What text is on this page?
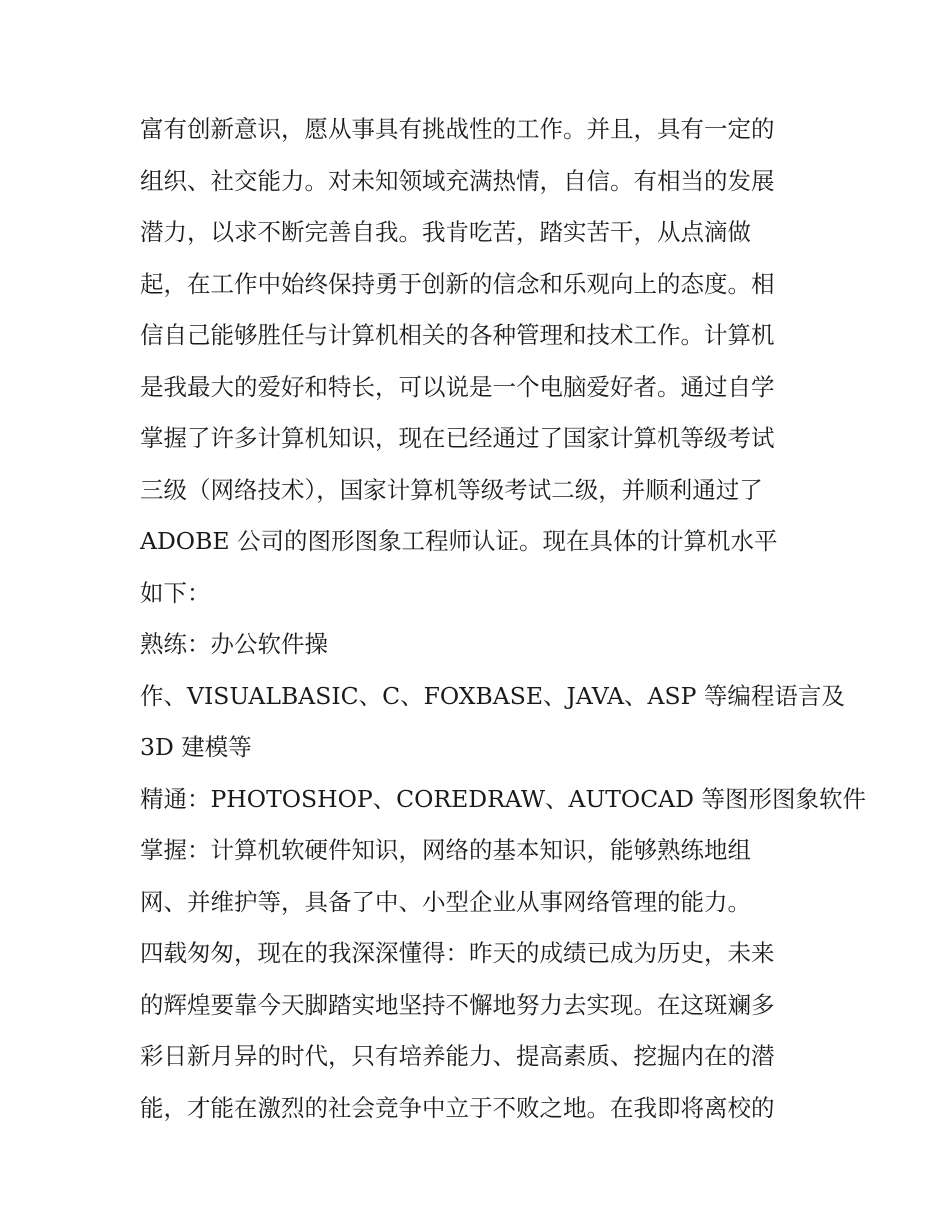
富有创新意识，愿从事具有挑战性的工作。并且，具有一定的
组织、社交能力。对未知领域充满热情，自信。有相当的发展
潜力，以求不断完善自我。我肯吃苦，踏实苦干，从点滴做
起，在工作中始终保持勇于创新的信念和乐观向上的态度。相
信自己能够胜任与计算机相关的各种管理和技术工作。计算机
是我最大的爱好和特长，可以说是一个电脑爱好者。通过自学
掌握了许多计算机知识，现在已经通过了国家计算机等级考试
三级（网络技术），国家计算机等级考试二级，并顺利通过了
ADOBE 公司的图形图象工程师认证。现在具体的计算机水平
如下：
熟练：办公软件操
作、VISUALBASIC、C、FOXBASE、JAVA、ASP 等编程语言及
3D 建模等
精通：PHOTOSHOP、COREDRAW、AUTOCAD 等图形图象软件
掌握：计算机软硬件知识，网络的基本知识，能够熟练地组
网、并维护等，具备了中、小型企业从事网络管理的能力。
四载匆匆，现在的我深深懂得：昨天的成绩已成为历史，未来
的辉煌要靠今天脚踏实地坚持不懈地努力去实现。在这斑斓多
彩日新月异的时代，只有培养能力、提高素质、挖掘内在的潜
能，才能在激烈的社会竞争中立于不败之地。在我即将离校的
